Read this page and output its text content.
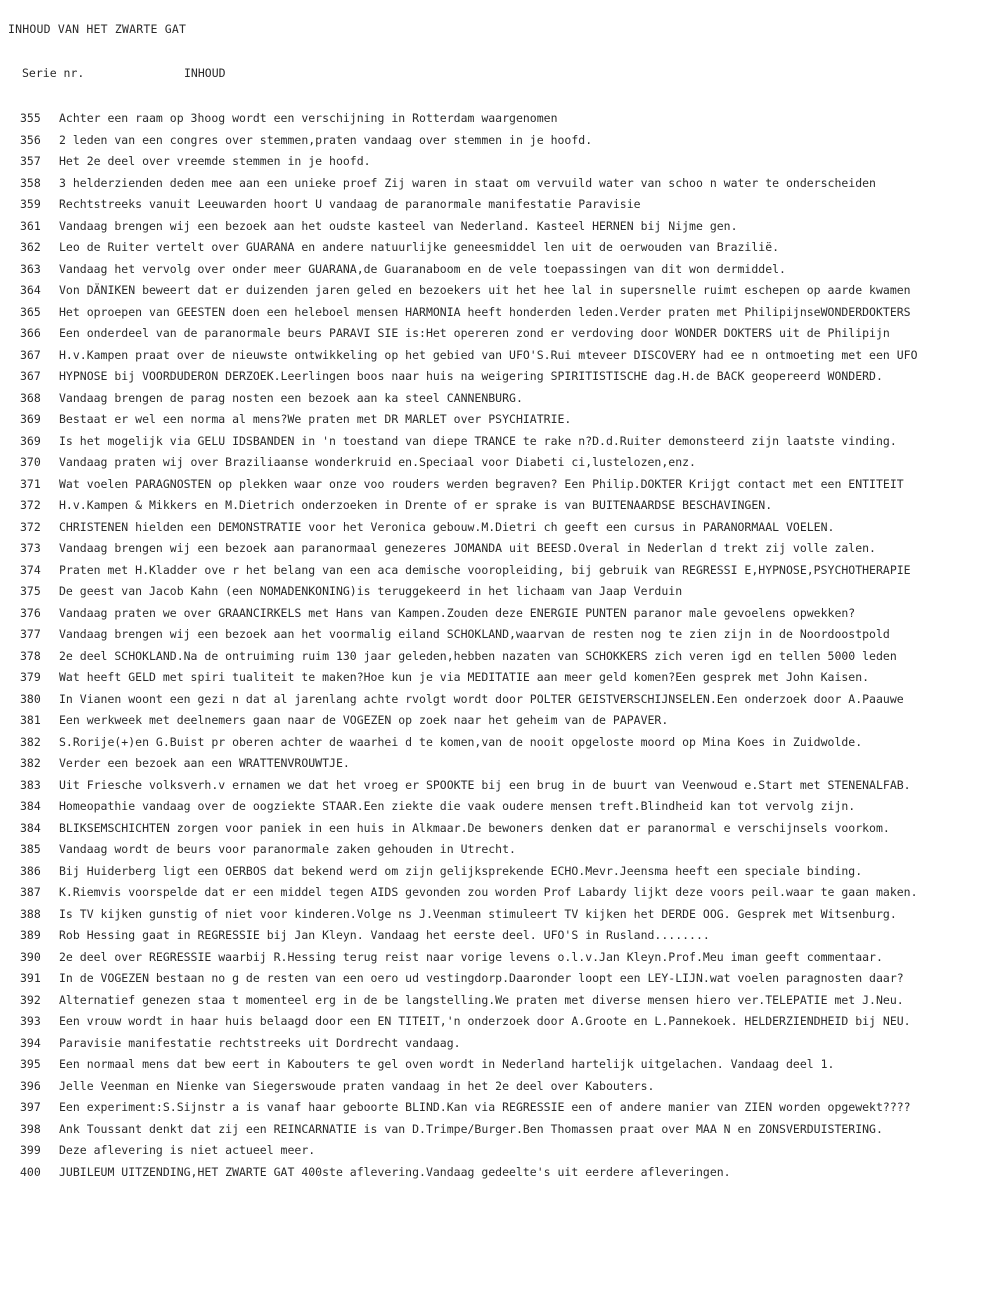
INHOUD VAN HET ZWARTE GAT
Serie nr.	INHOUD
355 Achter een raam op 3hoog wordt een verschijning in Rotterdam waargenomen
356 2 leden van een congres over stemmen,praten vandaag over stemmen in je hoofd.
357 Het 2e deel over vreemde stemmen in je hoofd.
358 3 helderzienden deden mee aan een unieke proef Zij waren in staat om vervuild water van schoo n water te onderscheiden
359 Rechtstreeks vanuit Leeuwarden hoort U vandaag de paranormale manifestatie Paravisie
361 Vandaag brengen wij een bezoek aan het oudste kasteel van Nederland. Kasteel HERNEN bij Nijme gen.
362 Leo de Ruiter vertelt over GUARANA en andere natuurlijke geneesmiddel len uit de oerwouden van Brazilië.
363 Vandaag het vervolg over onder meer GUARANA,de Guaranaboom en de vele toepassingen van dit won dermiddel.
364 Von DÄNIKEN beweert dat er duizenden jaren geled en bezoekers uit het hee lal in supersnelle ruimt eschepen op aarde kwamen
365 Het oproepen van GEESTEN doen een heleboel mensen HARMONIA heeft honderden leden.Verder praten met PhilipijnseWONDERDOKTERS
366 Een onderdeel van de paranormale beurs PARAVI SIE is:Het opereren zond er verdoving door WONDER DOKTERS uit de Philipijn
367 H.v.Kampen praat over de nieuwste ontwikkeling op het gebied van UFO'S.Rui mteveer DISCOVERY had ee n ontmoeting met een UFO
367 HYPNOSE bij VOORDUDERON DERZOEK.Leerlingen boos naar huis na weigering SPIRITISTISCHE dag.H.de BACK geopereerd WONDERD.
368 Vandaag brengen de parag nosten een bezoek aan ka steel CANNENBURG.
369 Bestaat er wel een norma al mens?We praten met DR MARLET over PSYCHIATRIE.
369 Is het mogelijk via GELU IDSBANDEN in 'n toestand van diepe TRANCE te rake n?D.d.Ruiter demonsteerd zijn laatste vinding.
370 Vandaag praten wij over Braziliaanse wonderkruid en.Speciaal voor Diabeti ci,lustelozen,enz.
371 Wat voelen PARAGNOSTEN op plekken waar onze voo rouders werden begraven? Een Philip.DOKTER Krijgt contact met een ENTITEIT
372 H.v.Kampen & Mikkers en M.Dietrich onderzoeken in Drente of er sprake is van BUITENAARDSE BESCHAVINGEN.
372 CHRISTENEN hielden een DEMONSTRATIE voor het Veronica gebouw.M.Dietri ch geeft een cursus in PARANORMAAL VOELEN.
373 Vandaag brengen wij een bezoek aan paranormaal genezeres JOMANDA uit BEESD.Overal in Nederlan d trekt zij volle zalen.
374 Praten met H.Kladder ove r het belang van een aca demische vooropleiding, bij gebruik van REGRESSI E,HYPNOSE,PSYCHOTHERAPIE
375 De geest van Jacob Kahn (een NOMADENKONING)is teruggekeerd in het lichaam van Jaap Verduin
376 Vandaag praten we over GRAANCIRKELS met Hans van Kampen.Zouden deze ENERGIE PUNTEN paranor male gevoelens opwekken?
377 Vandaag brengen wij een bezoek aan het voormalig eiland SCHOKLAND,waarvan de resten nog te zien zijn in de Noordoostpold
378 2e deel SCHOKLAND.Na de ontruiming ruim 130 jaar geleden,hebben nazaten van SCHOKKERS zich veren igd en tellen 5000 leden
379 Wat heeft GELD met spiri tualiteit te maken?Hoe kun je via MEDITATIE aan meer geld komen?Een gesprek met John Kaisen.
380 In Vianen woont een gezi n dat al jarenlang achte rvolgt wordt door POLTER GEISTVERSCHIJNSELEN.Een onderzoek door A.Paauwe
381 Een werkweek met deelnemers gaan naar de VOGEZEN op zoek naar het geheim van de PAPAVER.
382 S.Rorije(+)en G.Buist pr oberen achter de waarhei d te komen,van de nooit opgeloste moord op Mina Koes in Zuidwolde.
382 Verder een bezoek aan een WRATTENVROUWTJE.
383 Uit Friesche volksverh.v ernamen we dat het vroeg er SPOOKTE bij een brug in de buurt van Veenwoud e.Start met STENENALFAB.
384 Homeopathie vandaag over de oogziekte STAAR.Een ziekte die vaak oudere mensen treft.Blindheid kan tot vervolg zijn.
384 BLIKSEMSCHICHTEN zorgen voor paniek in een huis in Alkmaar.De bewoners denken dat er paranormal e verschijnsels voorkom.
385 Vandaag wordt de beurs voor paranormale zaken gehouden in Utrecht.
386 Bij Huiderberg ligt een OERBOS dat bekend werd om zijn gelijksprekende ECHO.Mevr.Jeensma heeft een speciale binding.
387 K.Riemvis voorspelde dat er een middel tegen AIDS gevonden zou worden Prof Labardy lijkt deze voors peil.waar te gaan maken.
388 Is TV kijken gunstig of niet voor kinderen.Volge ns J.Veenman stimuleert TV kijken het DERDE OOG. Gesprek met Witsenburg.
389 Rob Hessing gaat in REGRESSIE bij Jan Kleyn. Vandaag het eerste deel. UFO'S in Rusland........
390 2e deel over REGRESSIE waarbij R.Hessing terug reist naar vorige levens o.l.v.Jan Kleyn.Prof.Meu iman geeft commentaar.
391 In de VOGEZEN bestaan no g de resten van een oero ud vestingdorp.Daaronder loopt een LEY-LIJN.wat voelen paragnosten daar?
392 Alternatief genezen staa t momenteel erg in de be langstelling.We praten met diverse mensen hiero ver.TELEPATIE met J.Neu.
393 Een vrouw wordt in haar huis belaagd door een EN TITEIT,'n onderzoek door A.Groote en L.Pannekoek. HELDERZIENDHEID bij NEU.
394 Paravisie manifestatie rechtstreeks uit Dordrecht vandaag.
395 Een normaal mens dat bew eert in Kabouters te gel oven wordt in Nederland hartelijk uitgelachen. Vandaag deel 1.
396 Jelle Veenman en Nienke van Siegerswoude praten vandaag in het 2e deel over Kabouters.
397 Een experiment:S.Sijnstr a is vanaf haar geboorte BLIND.Kan via REGRESSIE een of andere manier van ZIEN worden opgewekt????
398 Ank Toussant denkt dat zij een REINCARNATIE is van D.Trimpe/Burger.Ben Thomassen praat over MAA N en ZONSVERDUISTERING.
399 Deze aflevering is niet actueel meer.
400 JUBILEUM UITZENDING,HET ZWARTE GAT 400ste aflevering.Vandaag gedeelte's uit eerdere afleveringen.
